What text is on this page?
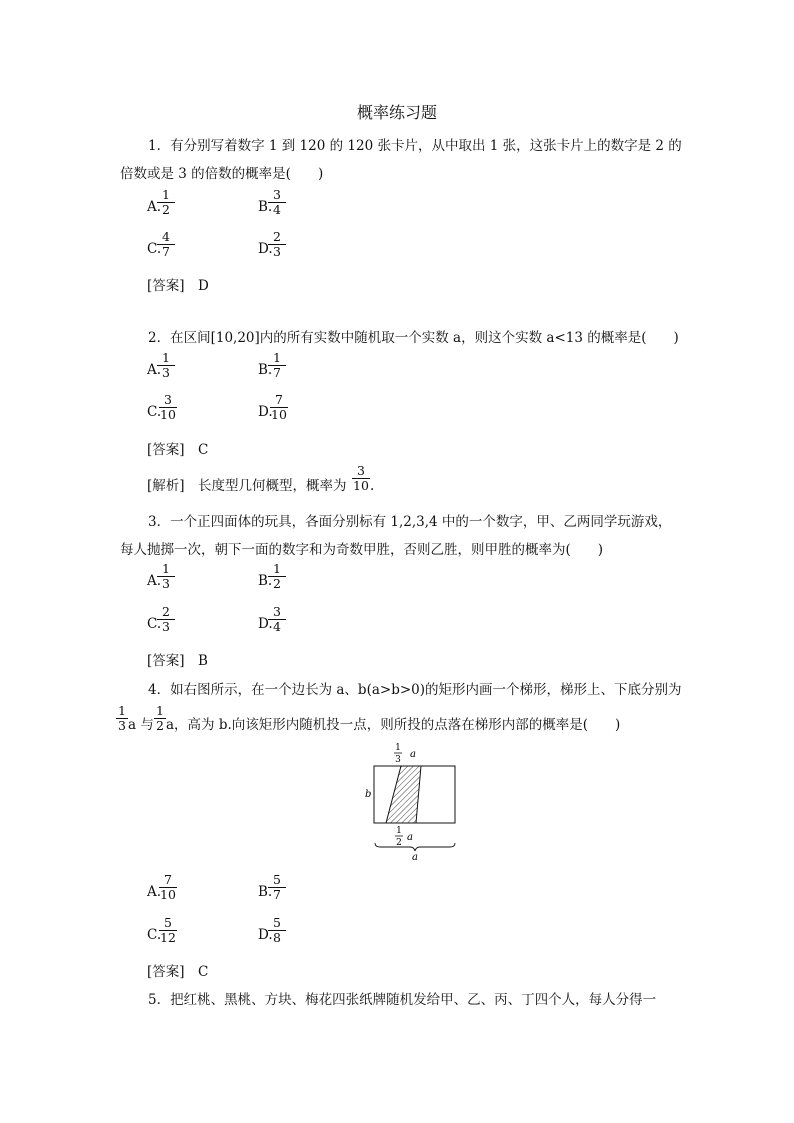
概率练习题
1．有分别写着数字 1 到 120 的 120 张卡片，从中取出 1 张，这张卡片上的数字是 2 的
倍数或是 3 的倍数的概率是(　　)
A.
1
2	B.
3
4
C.
4
7	D.
2
3
[答案]　D
2．在区间[10,20]内的所有实数中随机取一个实数 a，则这个实数 a<13 的概率是(　　)
A.
1
3	B.
1
7
C.
3
10	D.
7
10
[答案]　C
[解析]　长度型几何概型，概率为
3
10 .
3．一个正四面体的玩具，各面分别标有 1,2,3,4 中的一个数字，甲、乙两同学玩游戏，
每人抛掷一次，朝下一面的数字和为奇数甲胜，否则乙胜，则甲胜的概率为(　　)
A.
1
3	B.
1
2
C.
2
3	D.
3
4
[答案]　B
4．如右图所示，在一个边长为 a、b(a>b>0)的矩形内画一个梯形，梯形上、下底分别为
1
3 a 与
1
2 a，高为 b.向该矩形内随机投一点，则所投的点落在梯形内部的概率是(　　)
1
3 a
b
1
2 a
a
A.
7
10	B.
5
7
C.
5
12	D.
5
8
[答案]　C
5．把红桃、黑桃、方块、梅花四张纸牌随机发给甲、乙、丙、丁四个人，每人分得一
